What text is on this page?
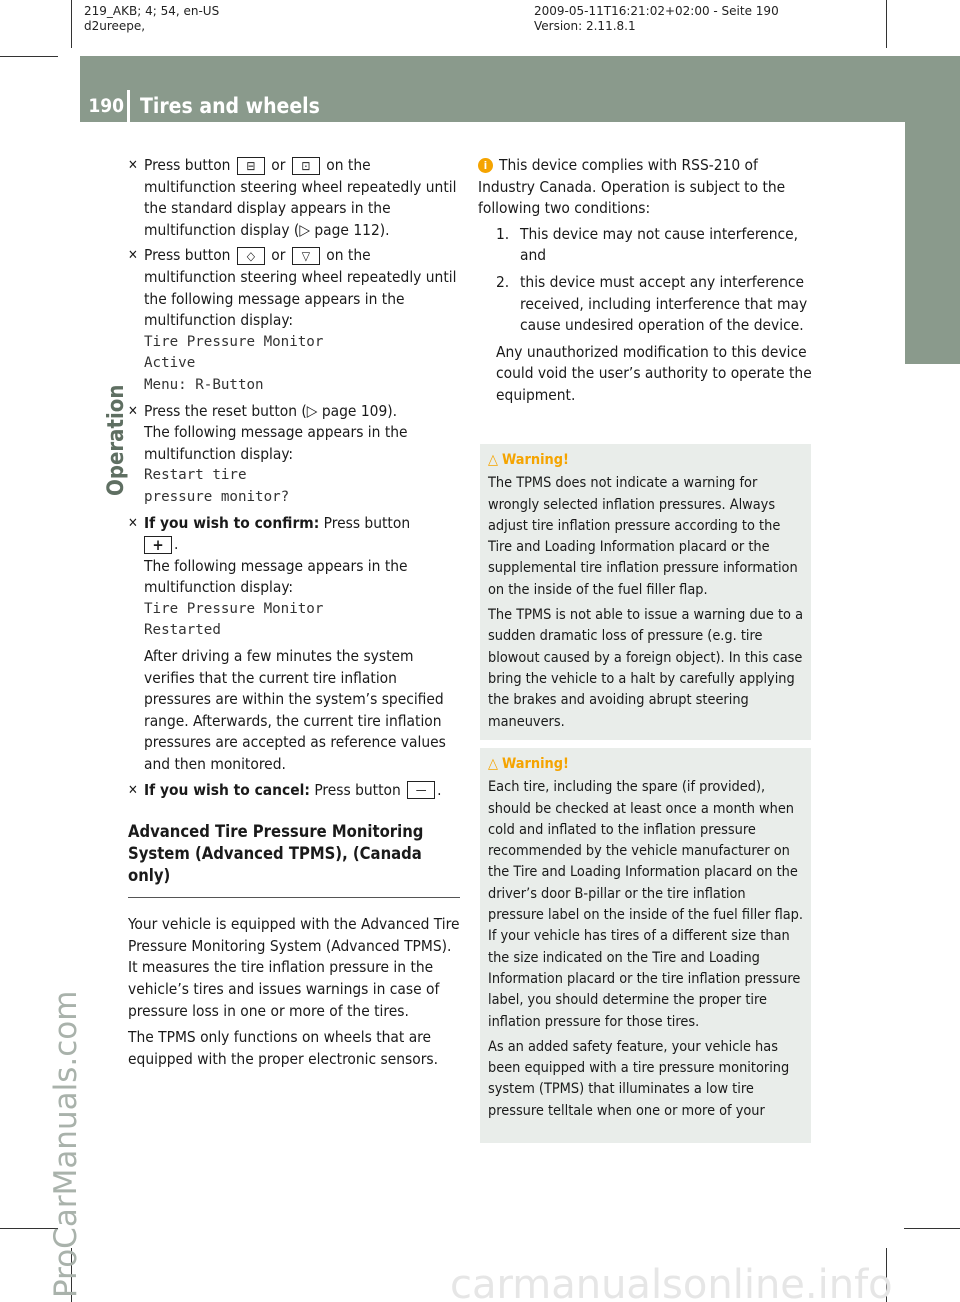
219_AKB; 4; 54, en-US
d2ureepe,
2009-05-11T16:21:02+02:00 - Seite 190
Version: 2.11.8.1
190 Tires and wheels
Operation
ProCarManuals.com
✕ Press button ⊟ or ⊡ on the multifunction steering wheel repeatedly until the standard display appears in the multifunction display (▷ page 112).
✕ Press button ◇ or ▽ on the multifunction steering wheel repeatedly until the following message appears in the multifunction display:
Tire Pressure Monitor
Active
Menu: R-Button
✕ Press the reset button (▷ page 109).
The following message appears in the multifunction display:
Restart tire
pressure monitor?
✕ If you wish to confirm: Press button
+ .
The following message appears in the multifunction display:
Tire Pressure Monitor
Restarted
After driving a few minutes the system verifies that the current tire inflation pressures are within the system’s specified range. Afterwards, the current tire inflation pressures are accepted as reference values and then monitored.
✕ If you wish to cancel: Press button — .
Advanced Tire Pressure Monitoring System (Advanced TPMS), (Canada only)

Your vehicle is equipped with the Advanced Tire Pressure Monitoring System (Advanced TPMS). It measures the tire inflation pressure in the vehicle’s tires and issues warnings in case of pressure loss in one or more of the tires.

The TPMS only functions on wheels that are equipped with the proper electronic sensors.

i This device complies with RSS-210 of Industry Canada. Operation is subject to the following two conditions:

1. This device may not cause interference, and
2. this device must accept any interference received, including interference that may cause undesired operation of the device.

Any unauthorized modification to this device could void the user’s authority to operate the equipment.

△ Warning!

The TPMS does not indicate a warning for wrongly selected inflation pressures. Always adjust tire inflation pressure according to the Tire and Loading Information placard or the supplemental tire inflation pressure information on the inside of the fuel filler flap.

The TPMS is not able to issue a warning due to a sudden dramatic loss of pressure (e.g. tire blowout caused by a foreign object). In this case bring the vehicle to a halt by carefully applying the brakes and avoiding abrupt steering maneuvers.

△ Warning!

Each tire, including the spare (if provided), should be checked at least once a month when cold and inflated to the inflation pressure recommended by the vehicle manufacturer on the Tire and Loading Information placard on the driver’s door B-pillar or the tire inflation pressure label on the inside of the fuel filler flap. If your vehicle has tires of a different size than the size indicated on the Tire and Loading Information placard or the tire inflation pressure label, you should determine the proper tire inflation pressure for those tires.

As an added safety feature, your vehicle has been equipped with a tire pressure monitoring system (TPMS) that illuminates a low tire pressure telltale when one or more of your

carmanualsonline.info
